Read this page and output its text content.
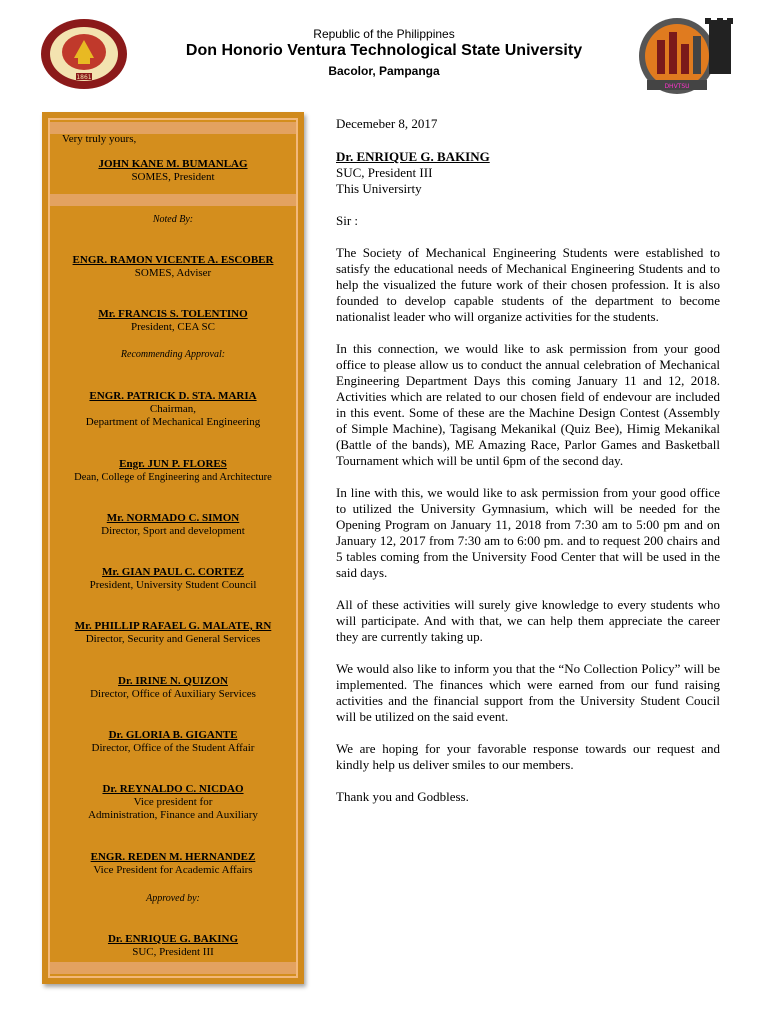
1861
Republic of the Philippines
Don Honorio Ventura Technological State University
Bacolor, Pampanga
DHVTSU
Very truly yours,
JOHN KANE M. BUMANLAG
SOMES, President
Noted By:
ENGR. RAMON VICENTE A. ESCOBER
SOMES, Adviser
Mr. FRANCIS S. TOLENTINO
President, CEA SC
Recommending Approval:
ENGR. PATRICK D. STA. MARIA
Chairman,
Department of Mechanical Engineering
Engr. JUN P. FLORES
Dean, College of Engineering and Architecture
Mr. NORMADO C. SIMON
Director, Sport and development
Mr. GIAN PAUL C. CORTEZ
President, University Student Council
Mr. PHILLIP RAFAEL G. MALATE, RN
Director, Security and General Services
Dr. IRINE N. QUIZON
Director, Office of Auxiliary Services
Dr. GLORIA B. GIGANTE
Director, Office of the Student Affair
Dr. REYNALDO C. NICDAO
Vice president for
Administration, Finance and Auxiliary
ENGR. REDEN M. HERNANDEZ
Vice President for Academic Affairs
Approved by:
Dr. ENRIQUE G. BAKING
SUC, President III

Decemeber 8, 2017

Dr. ENRIQUE G. BAKING

SUC, President III

This Universirty

Sir :

The Society of Mechanical Engineering Students were established to satisfy the educational needs of Mechanical Engineering Students and to help the visualized the future work of their chosen profession. It is also founded to develop capable students of the department to become nationalist leader who will organize activities for the students.

In this connection, we would like to ask permission from your good office to please allow us to conduct the annual celebration of Mechanical Engineering Department Days this coming January 11 and 12, 2018. Activities which are related to our chosen field of endevour are included in this event. Some of these are the Machine Design Contest (Assembly of Simple Machine), Tagisang Mekanikal (Quiz Bee), Himig Mekanikal (Battle of the bands), ME Amazing Race, Parlor Games and Basketball Tournament which will be until 6pm of the second day.

In line with this, we would like to ask permission from your good office to utilized the University Gymnasium, which will be needed for the Opening Program on January 11, 2018 from 7:30 am to 5:00 pm and on January 12, 2017 from 7:30 am to 6:00 pm. and to request 200 chairs and 5 tables coming from the University Food Center that will be used in the said days.

All of these activities will surely give knowledge to every students who will participate. And with that, we can help them appreciate the career they are currently taking up.

We would also like to inform you that the “No Collection Policy” will be implemented. The finances which were earned from our fund raising activities and the financial support from the University Student Coucil will be utilized on the said event.

We are hoping for your favorable response towards our request and kindly help us deliver smiles to our members.

Thank you and Godbless.
